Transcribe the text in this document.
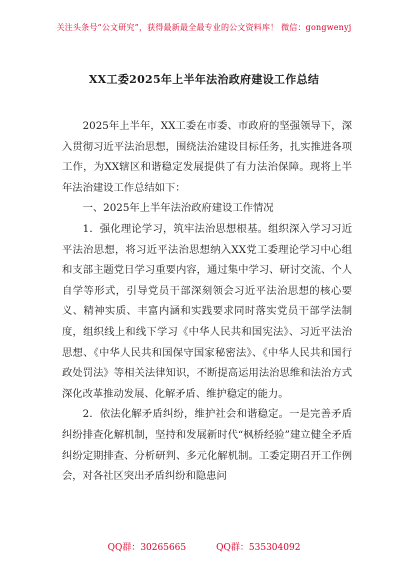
关注头条号“公文研究”，获得最新最全最专业的公文资料库！ 微信：gongwenyj
XX工委2025年上半年法治政府建设工作总结

2025年上半年，XX工委在市委、市政府的坚强领导下，深入贯彻习近平法治思想，围绕法治建设目标任务，扎实推进各项工作，为XX辖区和谐稳定发展提供了有力法治保障。现将上半年法治建设工作总结如下：

一、2025年上半年法治政府建设工作情况

1．强化理论学习，筑牢法治思想根基。组织深入学习习近平法治思想，将习近平法治思想纳入XX党工委理论学习中心组和支部主题党日学习重要内容，通过集中学习、研讨交流、个人自学等形式，引导党员干部深刻领会习近平法治思想的核心要义、精神实质、丰富内涵和实践要求同时落实党员干部学法制度，组织线上和线下学习《中华人民共和国宪法》、习近平法治思想、《中华人民共和国保守国家秘密法》、《中华人民共和国行政处罚法》等相关法律知识，不断提高运用法治思维和法治方式深化改革推动发展、化解矛盾、维护稳定的能力。

2．依法化解矛盾纠纷，维护社会和谐稳定。一是完善矛盾纠纷排查化解机制，坚持和发展新时代“枫桥经验”建立健全矛盾纠纷定期排查、分析研判、多元化解机制。工委定期召开工作例会，对各社区突出矛盾纠纷和隐患问

QQ群：30265665	QQ群：535304092
